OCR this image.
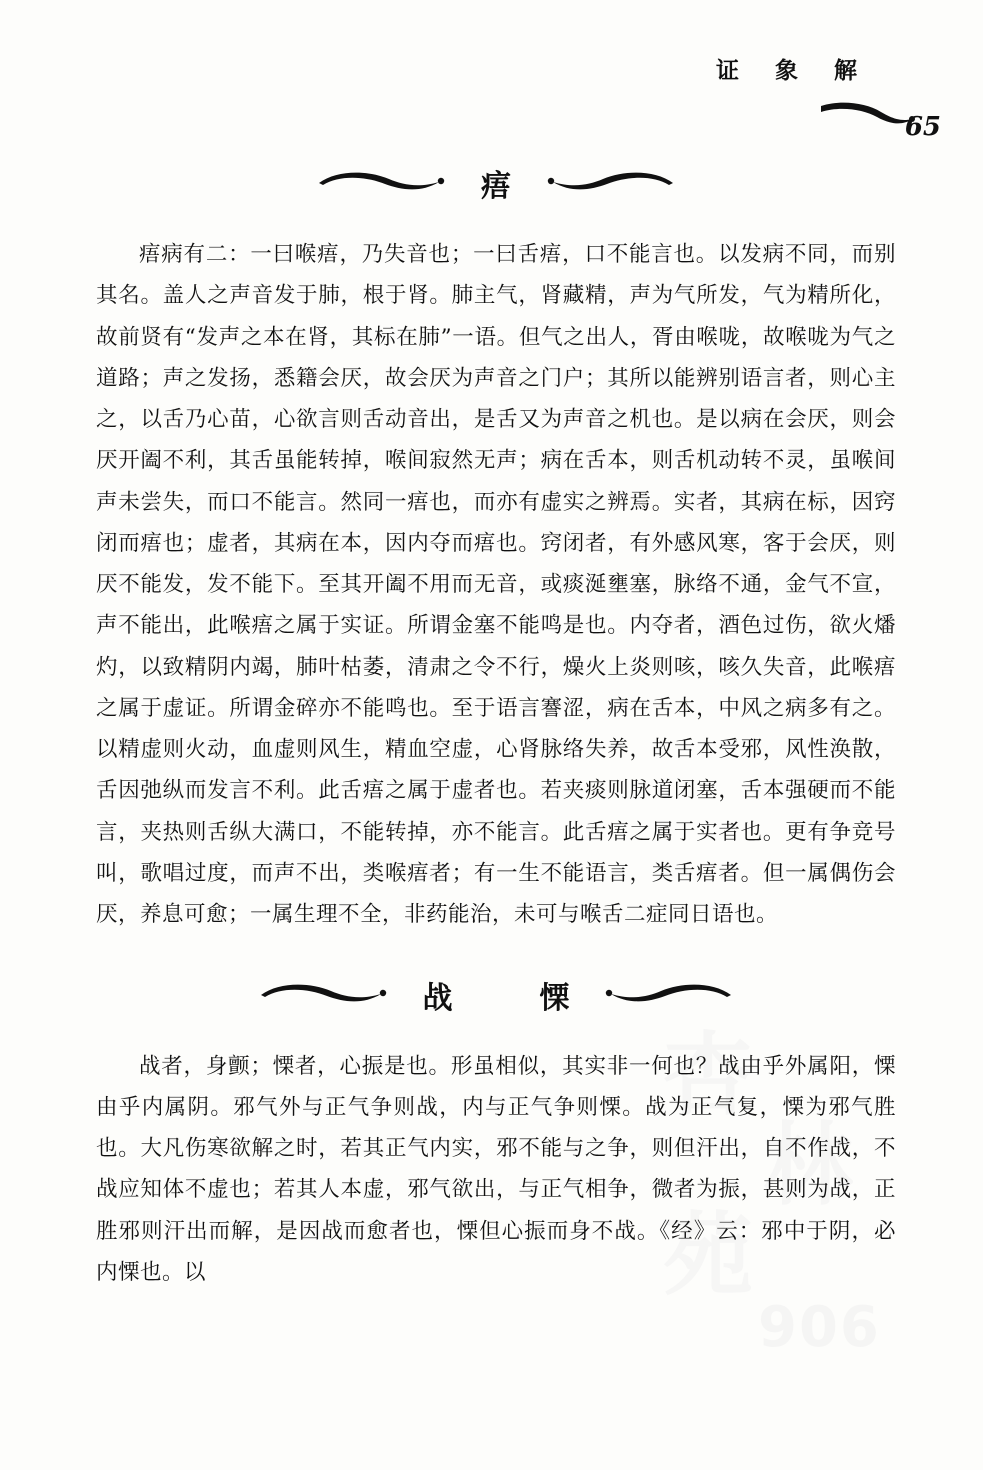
杏
林
苑
906
证 象 解
65
痦

痦病有二：一曰喉痦，乃失音也；一曰舌痦，口不能言也。以发病不同，而别其名。盖人之声音发于肺，根于肾。肺主气，肾藏精，声为气所发，气为精所化，故前贤有“发声之本在肾，其标在肺”一语。但气之出人，胥由喉咙，故喉咙为气之道路；声之发扬，悉籍会厌，故会厌为声音之门户；其所以能辨别语言者，则心主之，以舌乃心苗，心欲言则舌动音出，是舌又为声音之机也。是以病在会厌，则会厌开阖不利，其舌虽能转掉，喉间寂然无声；病在舌本，则舌机动转不灵，虽喉间声未尝失，而口不能言。然同一痦也，而亦有虚实之辨焉。实者，其病在标，因窍闭而痦也；虚者，其病在本，因内夺而痦也。窍闭者，有外感风寒，客于会厌，则厌不能发，发不能下。至其开阖不用而无音，或痰涎壅塞，脉络不通，金气不宣，声不能出，此喉痦之属于实证。所谓金塞不能鸣是也。内夺者，酒色过伤，欲火燔灼，以致精阴内竭，肺叶枯萎，清肃之令不行，燥火上炎则咳，咳久失音，此喉痦之属于虚证。所谓金碎亦不能鸣也。至于语言謇涩，病在舌本，中风之病多有之。以精虚则火动，血虚则风生，精血空虚，心肾脉络失养，故舌本受邪，风性涣散，舌因弛纵而发言不利。此舌痦之属于虚者也。若夹痰则脉道闭塞，舌本强硬而不能言，夹热则舌纵大满口，不能转掉，亦不能言。此舌痦之属于实者也。更有争竞号叫，歌唱过度，而声不出，类喉痦者；有一生不能语言，类舌痦者。但一属偶伤会厌，养息可愈；一属生理不全，非药能治，未可与喉舌二症同日语也。

战  慄

战者，身颤；慄者，心振是也。形虽相似，其实非一何也？战由乎外属阳，慄由乎内属阴。邪气外与正气争则战，内与正气争则慄。战为正气复，慄为邪气胜也。大凡伤寒欲解之时，若其正气内实，邪不能与之争，则但汗出，自不作战，不战应知体不虚也；若其人本虚，邪气欲出，与正气相争，微者为振，甚则为战，正胜邪则汗出而解，是因战而愈者也，慄但心振而身不战。《经》云：邪中于阴，必内慄也。以
